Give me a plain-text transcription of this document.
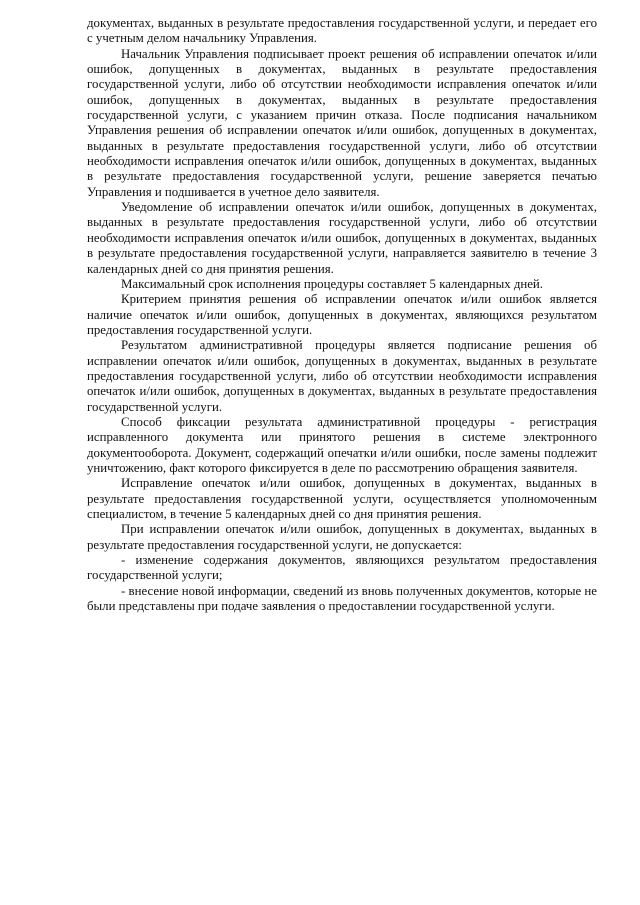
документах, выданных в результате предоставления государственной услуги, и передает его с учетным делом начальнику Управления.

Начальник Управления подписывает проект решения об исправлении опечаток и/или ошибок, допущенных в документах, выданных в результате предоставления государственной услуги, либо об отсутствии необходимости исправления опечаток и/или ошибок, допущенных в документах, выданных в результате предоставления государственной услуги, с указанием причин отказа. После подписания начальником Управления решения об исправлении опечаток и/или ошибок, допущенных в документах, выданных в результате предоставления государственной услуги, либо об отсутствии необходимости исправления опечаток и/или ошибок, допущенных в документах, выданных в результате предоставления государственной услуги, решение заверяется печатью Управления и подшивается в учетное дело заявителя.

Уведомление об исправлении опечаток и/или ошибок, допущенных в документах, выданных в результате предоставления государственной услуги, либо об отсутствии необходимости исправления опечаток и/или ошибок, допущенных в документах, выданных в результате предоставления государственной услуги, направляется заявителю в течение 3 календарных дней со дня принятия решения.

Максимальный срок исполнения процедуры составляет 5 календарных дней.

Критерием принятия решения об исправлении опечаток и/или ошибок является наличие опечаток и/или ошибок, допущенных в документах, являющихся результатом предоставления государственной услуги.

Результатом административной процедуры является подписание решения об исправлении опечаток и/или ошибок, допущенных в документах, выданных в результате предоставления государственной услуги, либо об отсутствии необходимости исправления опечаток и/или ошибок, допущенных в документах, выданных в результате предоставления государственной услуги.

Способ фиксации результата административной процедуры - регистрация исправленного документа или принятого решения в системе электронного документооборота. Документ, содержащий опечатки и/или ошибки, после замены подлежит уничтожению, факт которого фиксируется в деле по рассмотрению обращения заявителя.

Исправление опечаток и/или ошибок, допущенных в документах, выданных в результате предоставления государственной услуги, осуществляется уполномоченным специалистом, в течение 5 календарных дней со дня принятия решения.

При исправлении опечаток и/или ошибок, допущенных в документах, выданных в результате предоставления государственной услуги, не допускается:

- изменение содержания документов, являющихся результатом предоставления государственной услуги;

- внесение новой информации, сведений из вновь полученных документов, которые не были представлены при подаче заявления о предоставлении государственной услуги.
